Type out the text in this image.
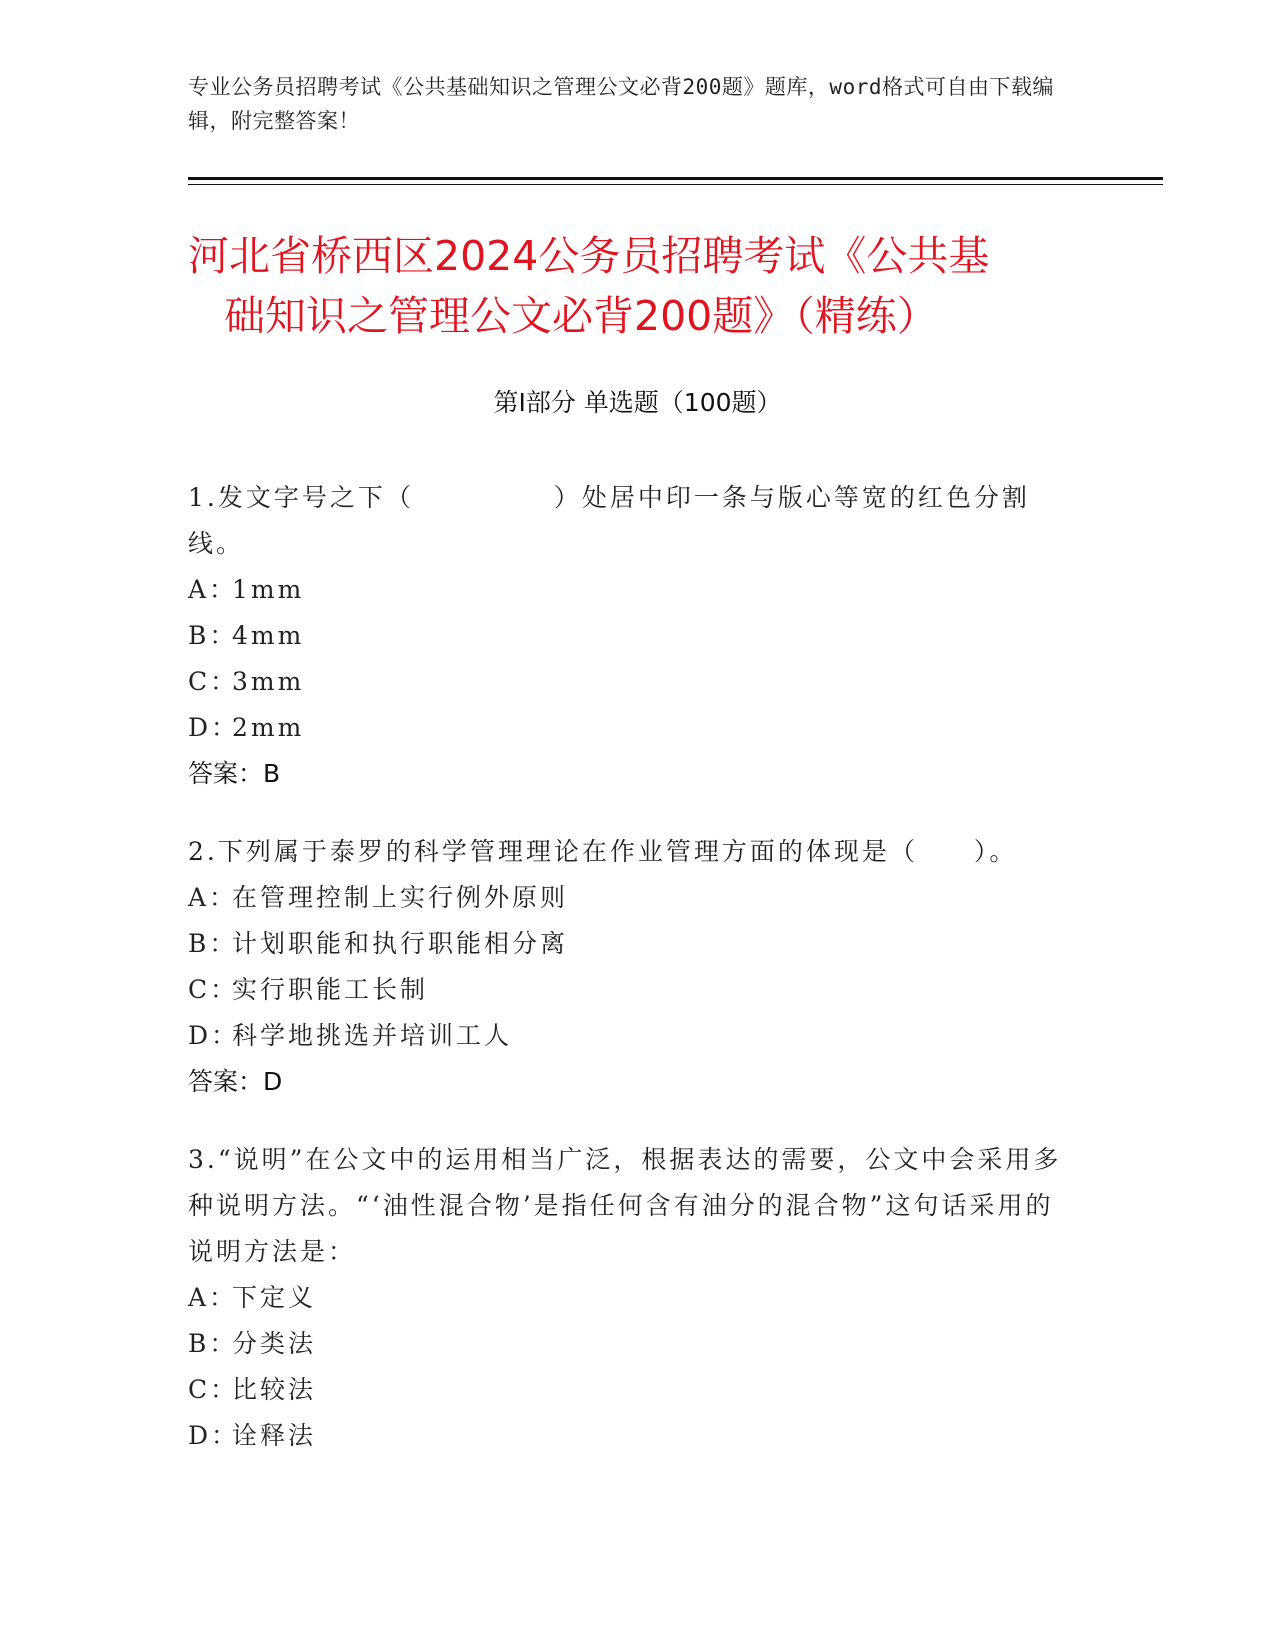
专业公务员招聘考试《公共基础知识之管理公文必背200题》题库，word格式可自由下载编辑，附完整答案！
河北省桥西区2024公务员招聘考试《公共基
础知识之管理公文必背200题》（精练）
第Ⅰ部分 单选题（100题）
1.发文字号之下（　　　　　）处居中印一条与版心等宽的红色分割线。
A：
1mm
B：
4mm
C：
3mm
D：
2mm
答案：B
2.下列属于泰罗的科学管理理论在作业管理方面的体现是（　　）。
A：
在管理控制上实行例外原则
B：
计划职能和执行职能相分离
C：
实行职能工长制
D：
科学地挑选并培训工人
答案：D
3.“说明”在公文中的运用相当广泛，根据表达的需要，公文中会采用多种说明方法。“‘油性混合物’是指任何含有油分的混合物”这句话采用的说明方法是：
A：
下定义
B：
分类法
C：
比较法
D：
诠释法
